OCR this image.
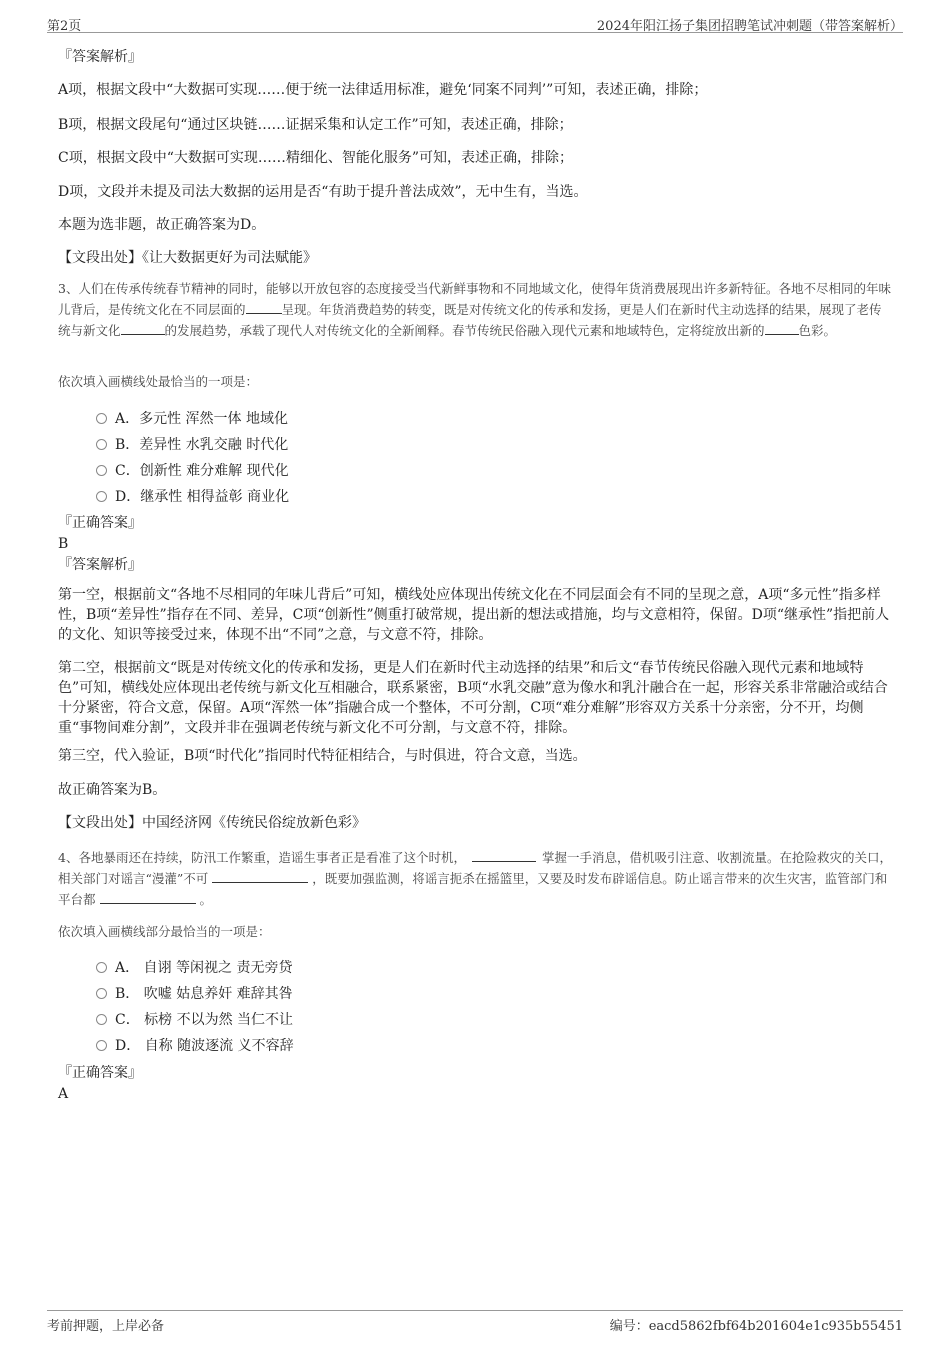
第2页	2024年阳江扬子集团招聘笔试冲刺题（带答案解析）
『答案解析』
A项，根据文段中“大数据可实现……便于统一法律适用标准，避免‘同案不同判’”可知，表述正确，排除；
B项，根据文段尾句“通过区块链……证据采集和认定工作”可知，表述正确，排除；
C项，根据文段中“大数据可实现……精细化、智能化服务”可知，表述正确，排除；
D项，文段并未提及司法大数据的运用是否“有助于提升普法成效”，无中生有，当选。
本题为选非题，故正确答案为D。
【文段出处】《让大数据更好为司法赋能》
3、人们在传承传统春节精神的同时，能够以开放包容的态度接受当代新鲜事物和不同地域文化，使得年货消费展现出许多新特征。各地不尽相同的年味儿背后，是传统文化在不同层面的	呈现。年货消费趋势的转变，既是对传统文化的传承和发扬，更是人们在新时代主动选择的结果，展现了老传统与新文化	的发展趋势，承载了现代人对传统文化的全新阐释。春节传统民俗融入现代元素和地域特色，定将绽放出新的	色彩。
依次填入画横线处最恰当的一项是：
A．多元性 浑然一体 地域化
B．差异性 水乳交融 时代化
C．创新性 难分难解 现代化
D．继承性 相得益彰 商业化
『正确答案』
B
『答案解析』
第一空，根据前文“各地不尽相同的年味儿背后”可知，横线处应体现出传统文化在不同层面会有不同的呈现之意，A项“多元性”指多样性，B项“差异性”指存在不同、差异，C项“创新性”侧重打破常规，提出新的想法或措施，均与文意相符，保留。D项“继承性”指把前人的文化、知识等接受过来，体现不出“不同”之意，与文意不符，排除。
第二空，根据前文“既是对传统文化的传承和发扬，更是人们在新时代主动选择的结果”和后文“春节传统民俗融入现代元素和地域特色”可知，横线处应体现出老传统与新文化互相融合，联系紧密，B项“水乳交融”意为像水和乳汁融合在一起，形容关系非常融洽或结合十分紧密，符合文意，保留。A项“浑然一体”指融合成一个整体，不可分割，C项“难分难解”形容双方关系十分亲密，分不开，均侧重“事物间难分割”，文段并非在强调老传统与新文化不可分割，与文意不符，排除。
第三空，代入验证，B项“时代化”指同时代特征相结合，与时俱进，符合文意，当选。
故正确答案为B。
【文段出处】中国经济网《传统民俗绽放新色彩》
4、各地暴雨还在持续，防汛工作繁重，造谣生事者正是看准了这个时机，	掌握一手消息，借机吸引注意、收割流量。在抢险救灾的关口，相关部门对谣言“漫灌”不可	，既要加强监测，将谣言扼杀在摇篮里，又要及时发布辟谣信息。防止谣言带来的次生灾害，监管部门和平台都	。
依次填入画横线部分最恰当的一项是：
A． 自诩 等闲视之 责无旁贷
B． 吹嘘 姑息养奸 难辞其咎
C． 标榜 不以为然 当仁不让
D． 自称 随波逐流 义不容辞
『正确答案』
A
考前押题，上岸必备	编号：eacd5862fbf64b201604e1c935b55451
